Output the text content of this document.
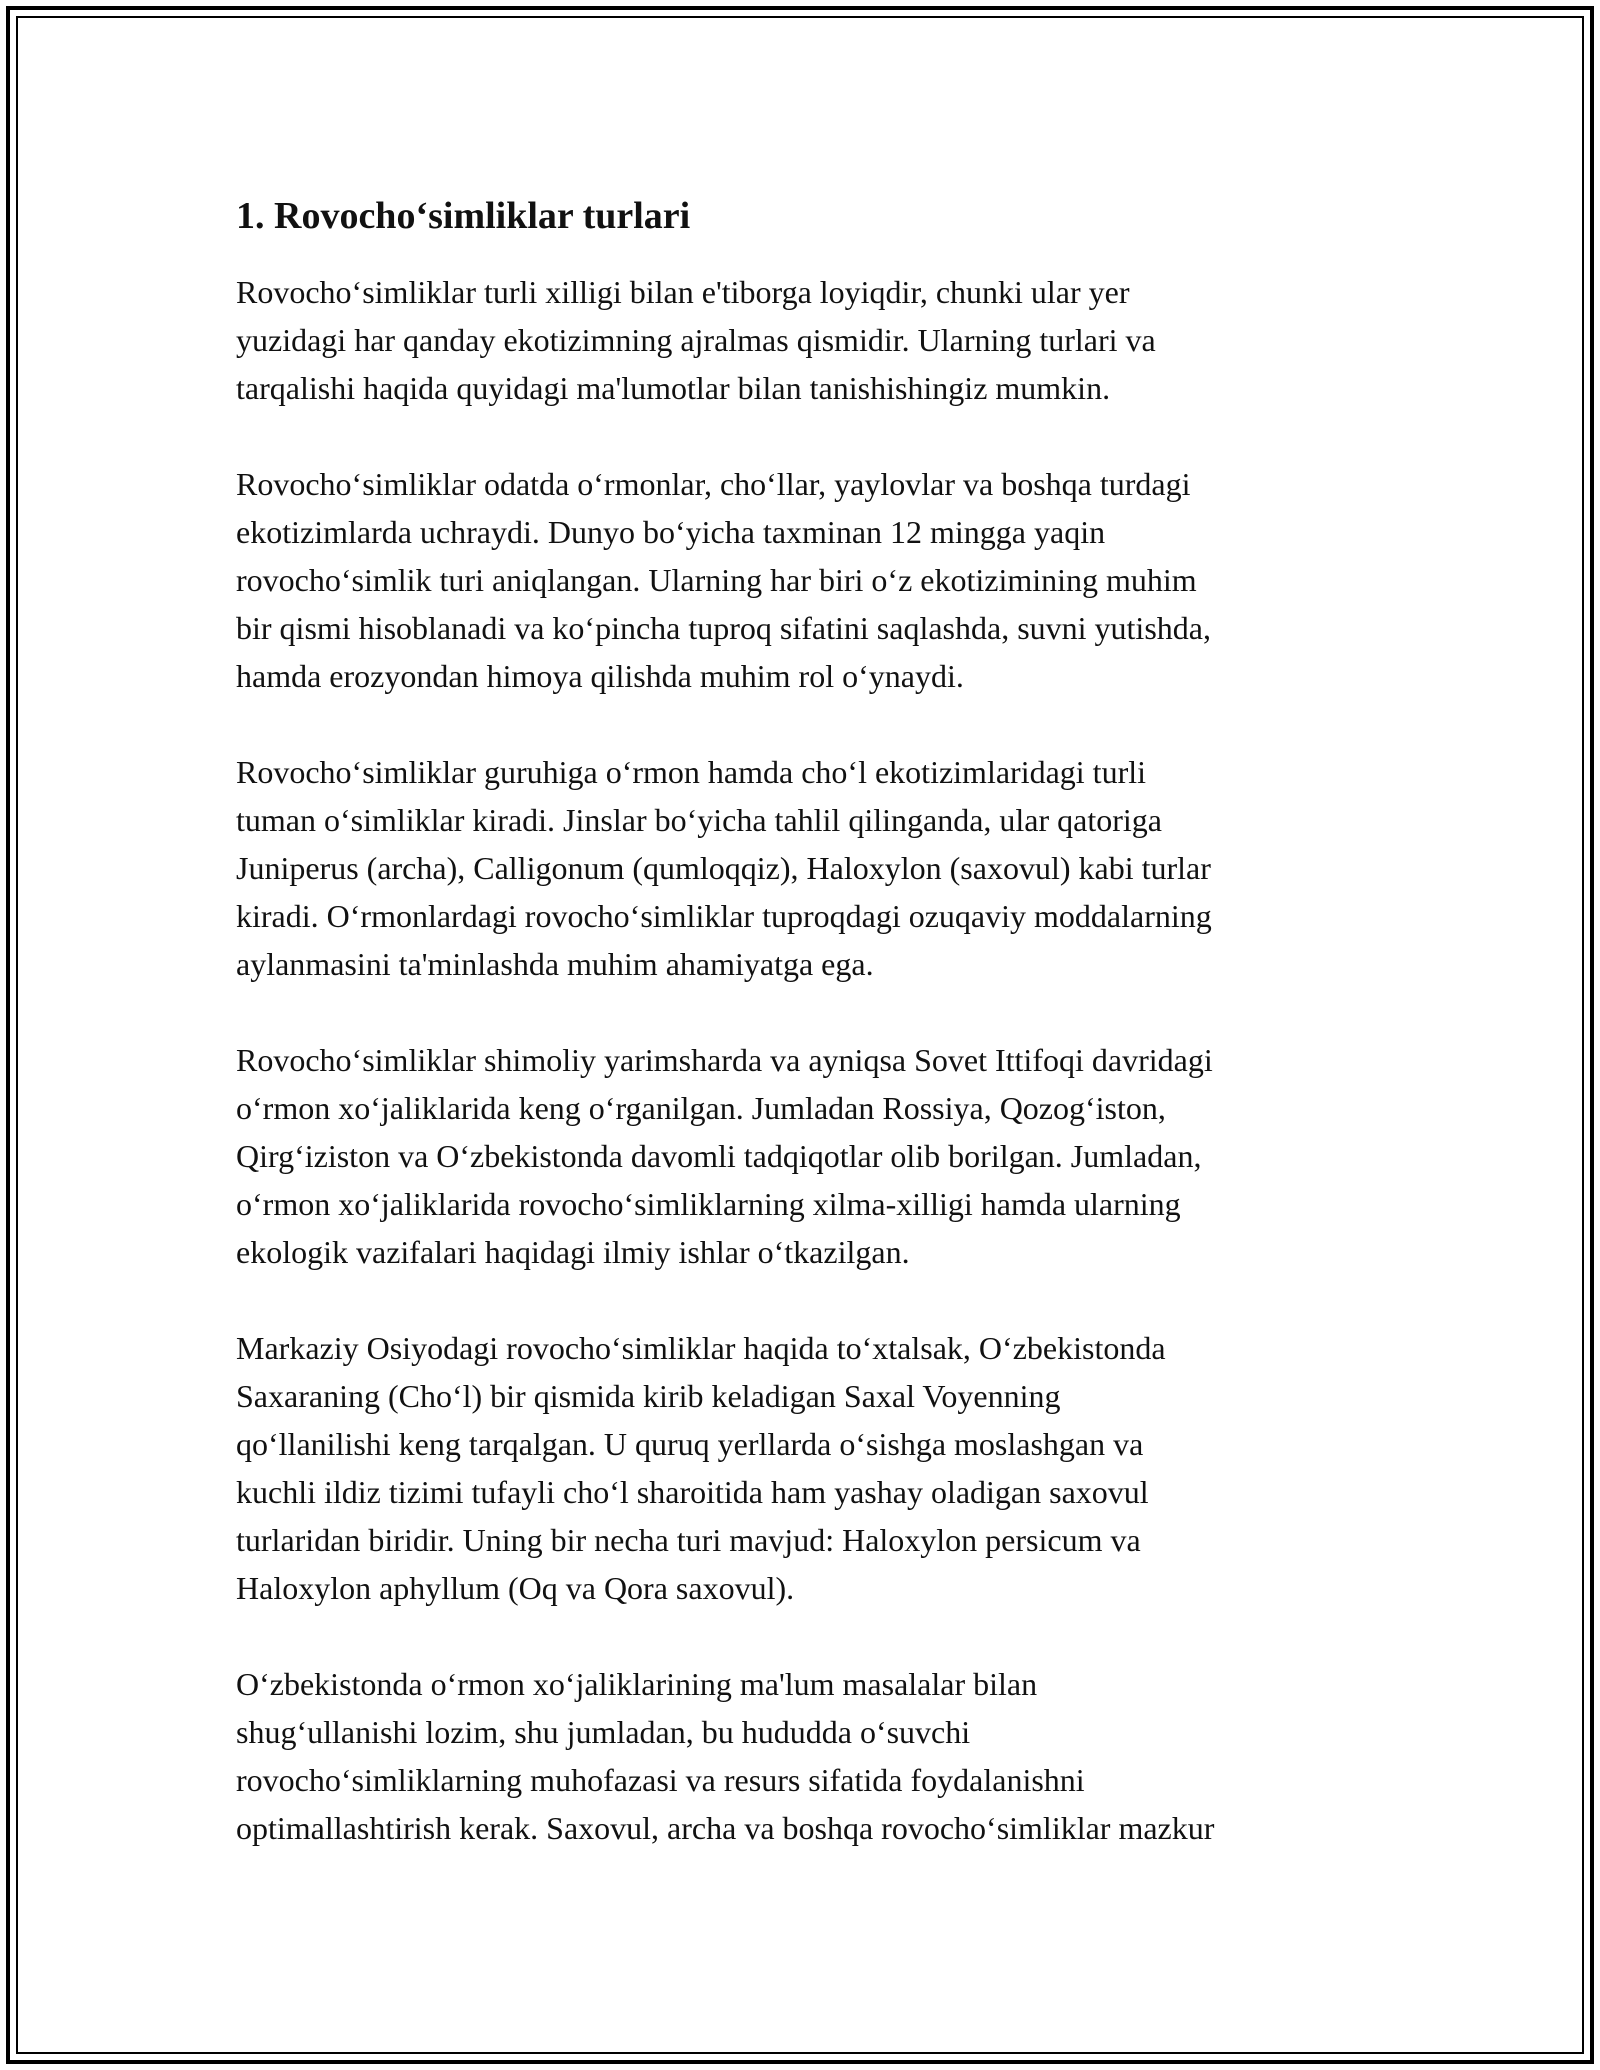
1. Rovocho‘simliklar turlari

Rovocho‘simliklar turli xilligi bilan e'tiborga loyiqdir, chunki ular yer
yuzidagi har qanday ekotizimning ajralmas qismidir. Ularning turlari va
tarqalishi haqida quyidagi ma'lumotlar bilan tanishishingiz mumkin.

Rovocho‘simliklar odatda o‘rmonlar, cho‘llar, yaylovlar va boshqa turdagi
ekotizimlarda uchraydi. Dunyo bo‘yicha taxminan 12 mingga yaqin
rovocho‘simlik turi aniqlangan. Ularning har biri o‘z ekotizimining muhim
bir qismi hisoblanadi va ko‘pincha tuproq sifatini saqlashda, suvni yutishda,
hamda erozyondan himoya qilishda muhim rol o‘ynaydi.

Rovocho‘simliklar guruhiga o‘rmon hamda cho‘l ekotizimlaridagi turli
tuman o‘simliklar kiradi. Jinslar bo‘yicha tahlil qilinganda, ular qatoriga
Juniperus (archa), Calligonum (qumloqqiz), Haloxylon (saxovul) kabi turlar
kiradi. O‘rmonlardagi rovocho‘simliklar tuproqdagi ozuqaviy moddalarning
aylanmasini ta'minlashda muhim ahamiyatga ega.

Rovocho‘simliklar shimoliy yarimsharda va ayniqsa Sovet Ittifoqi davridagi
o‘rmon xo‘jaliklarida keng o‘rganilgan. Jumladan Rossiya, Qozog‘iston,
Qirg‘iziston va O‘zbekistonda davomli tadqiqotlar olib borilgan. Jumladan,
o‘rmon xo‘jaliklarida rovocho‘simliklarning xilma-xilligi hamda ularning
ekologik vazifalari haqidagi ilmiy ishlar o‘tkazilgan.

Markaziy Osiyodagi rovocho‘simliklar haqida to‘xtalsak, O‘zbekistonda
Saxaraning (Cho‘l) bir qismida kirib keladigan Saxal Voyenning
qo‘llanilishi keng tarqalgan. U quruq yerllarda o‘sishga moslashgan va
kuchli ildiz tizimi tufayli cho‘l sharoitida ham yashay oladigan saxovul
turlaridan biridir. Uning bir necha turi mavjud: Haloxylon persicum va
Haloxylon aphyllum (Oq va Qora saxovul).

O‘zbekistonda o‘rmon xo‘jaliklarining ma'lum masalalar bilan
shug‘ullanishi lozim, shu jumladan, bu hududda o‘suvchi
rovocho‘simliklarning muhofazasi va resurs sifatida foydalanishni
optimallashtirish kerak. Saxovul, archa va boshqa rovocho‘simliklar mazkur
